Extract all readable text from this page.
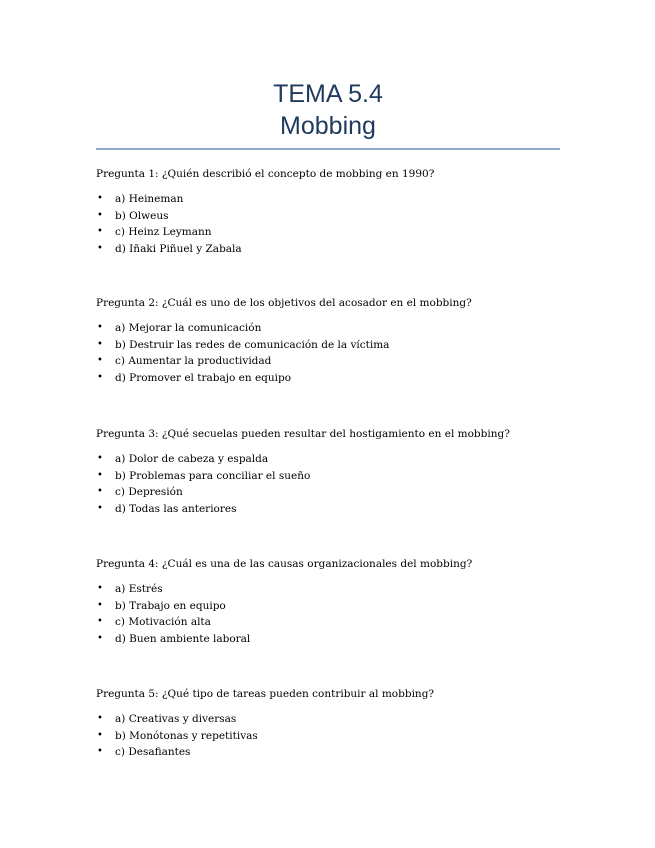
TEMA 5.4
Mobbing

Pregunta 1: ¿Quién describió el concepto de mobbing en 1990?

• a) Heineman
• b) Olweus
• c) Heinz Leymann
• d) Iñaki Piñuel y Zabala

Pregunta 2: ¿Cuál es uno de los objetivos del acosador en el mobbing?

• a) Mejorar la comunicación
• b) Destruir las redes de comunicación de la víctima
• c) Aumentar la productividad
• d) Promover el trabajo en equipo

Pregunta 3: ¿Qué secuelas pueden resultar del hostigamiento en el mobbing?

• a) Dolor de cabeza y espalda
• b) Problemas para conciliar el sueño
• c) Depresión
• d) Todas las anteriores

Pregunta 4: ¿Cuál es una de las causas organizacionales del mobbing?

• a) Estrés
• b) Trabajo en equipo
• c) Motivación alta
• d) Buen ambiente laboral

Pregunta 5: ¿Qué tipo de tareas pueden contribuir al mobbing?

• a) Creativas y diversas
• b) Monótonas y repetitivas
• c) Desafiantes
